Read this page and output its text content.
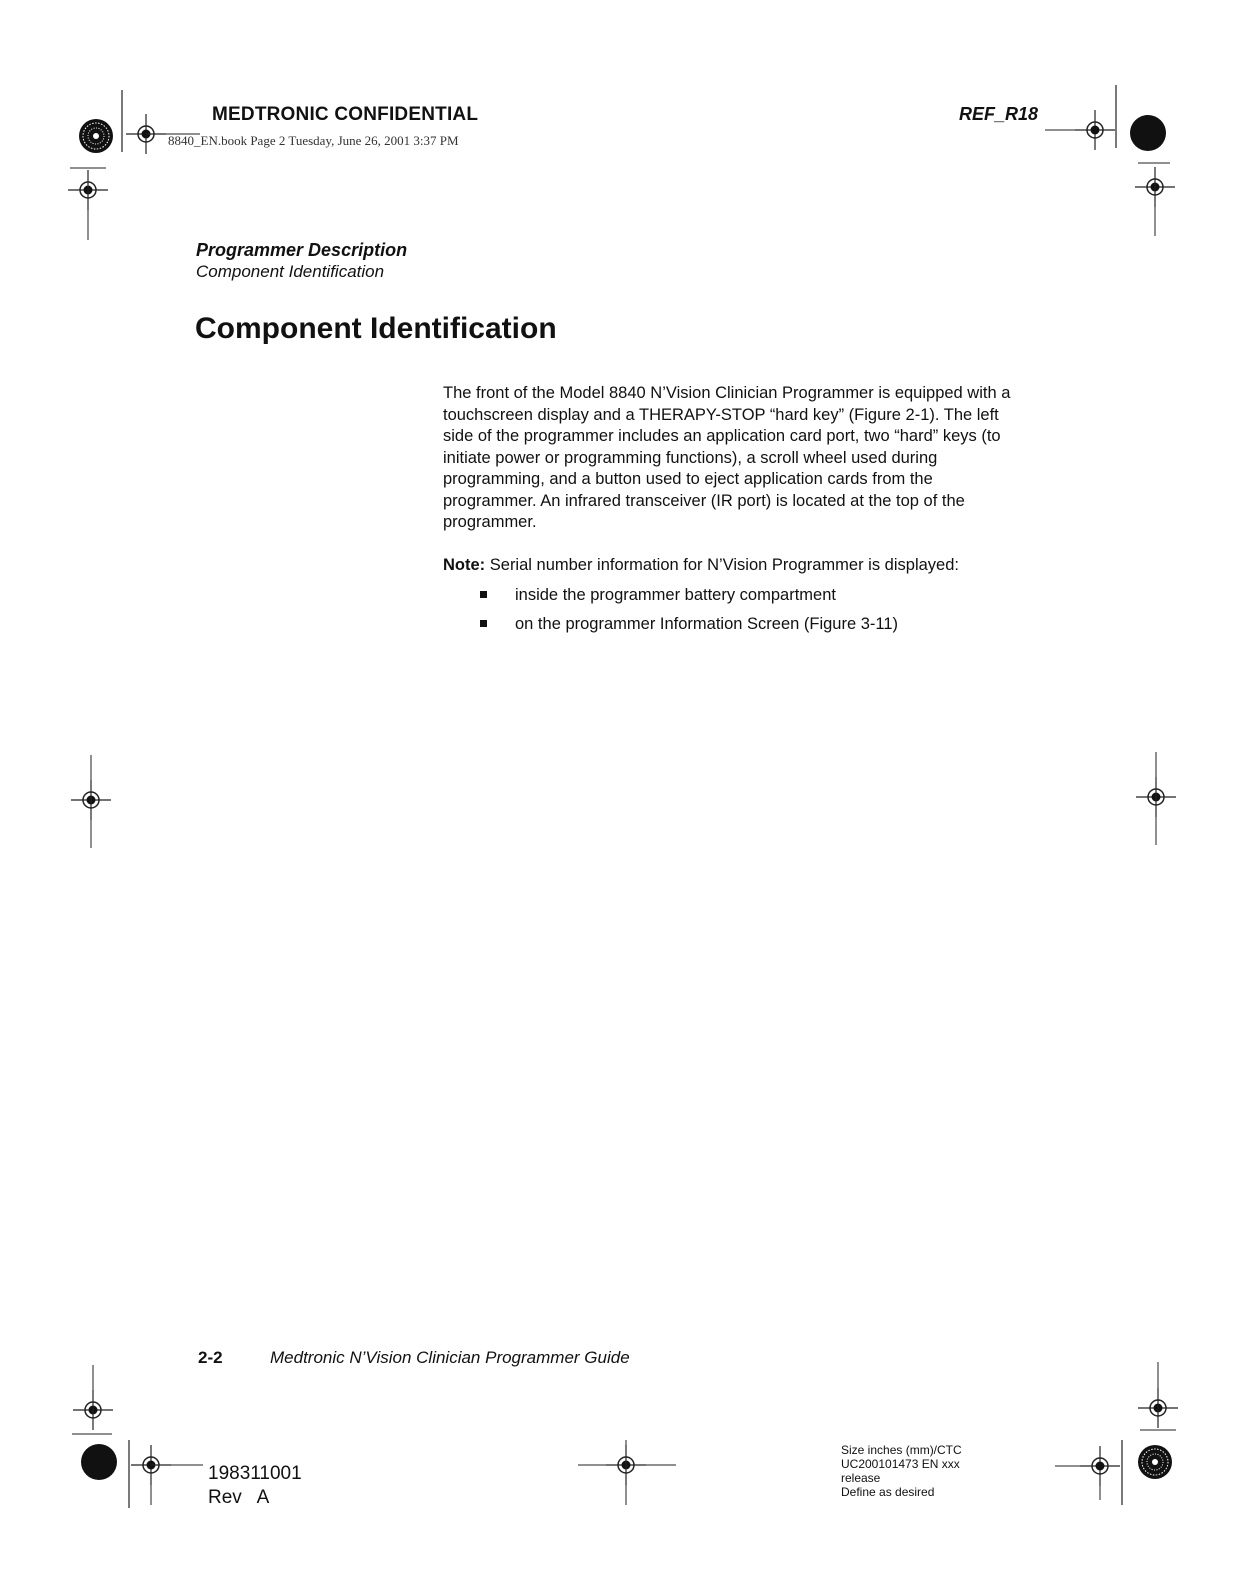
MEDTRONIC CONFIDENTIAL
8840_EN.book Page 2 Tuesday, June 26, 2001 3:37 PM
REF_R18
Programmer Description
Component Identification
Component Identification

The front of the Model 8840 N’Vision Clinician Programmer is equipped with a touchscreen display and a THERAPY-STOP “hard key” (Figure 2-1). The left side of the programmer includes an application card port, two “hard” keys (to initiate power or programming functions), a scroll wheel used during programming, and a button used to eject application cards from the programmer. An infrared transceiver (IR port) is located at the top of the programmer.

Note: Serial number information for N’Vision Programmer is displayed:

inside the programmer battery compartment
on the programmer Information Screen (Figure 3-11)
2-2	Medtronic N’Vision Clinician Programmer Guide
198311001
Rev   A
Size inches (mm)/CTC
UC200101473 EN xxx
release
Define as desired
